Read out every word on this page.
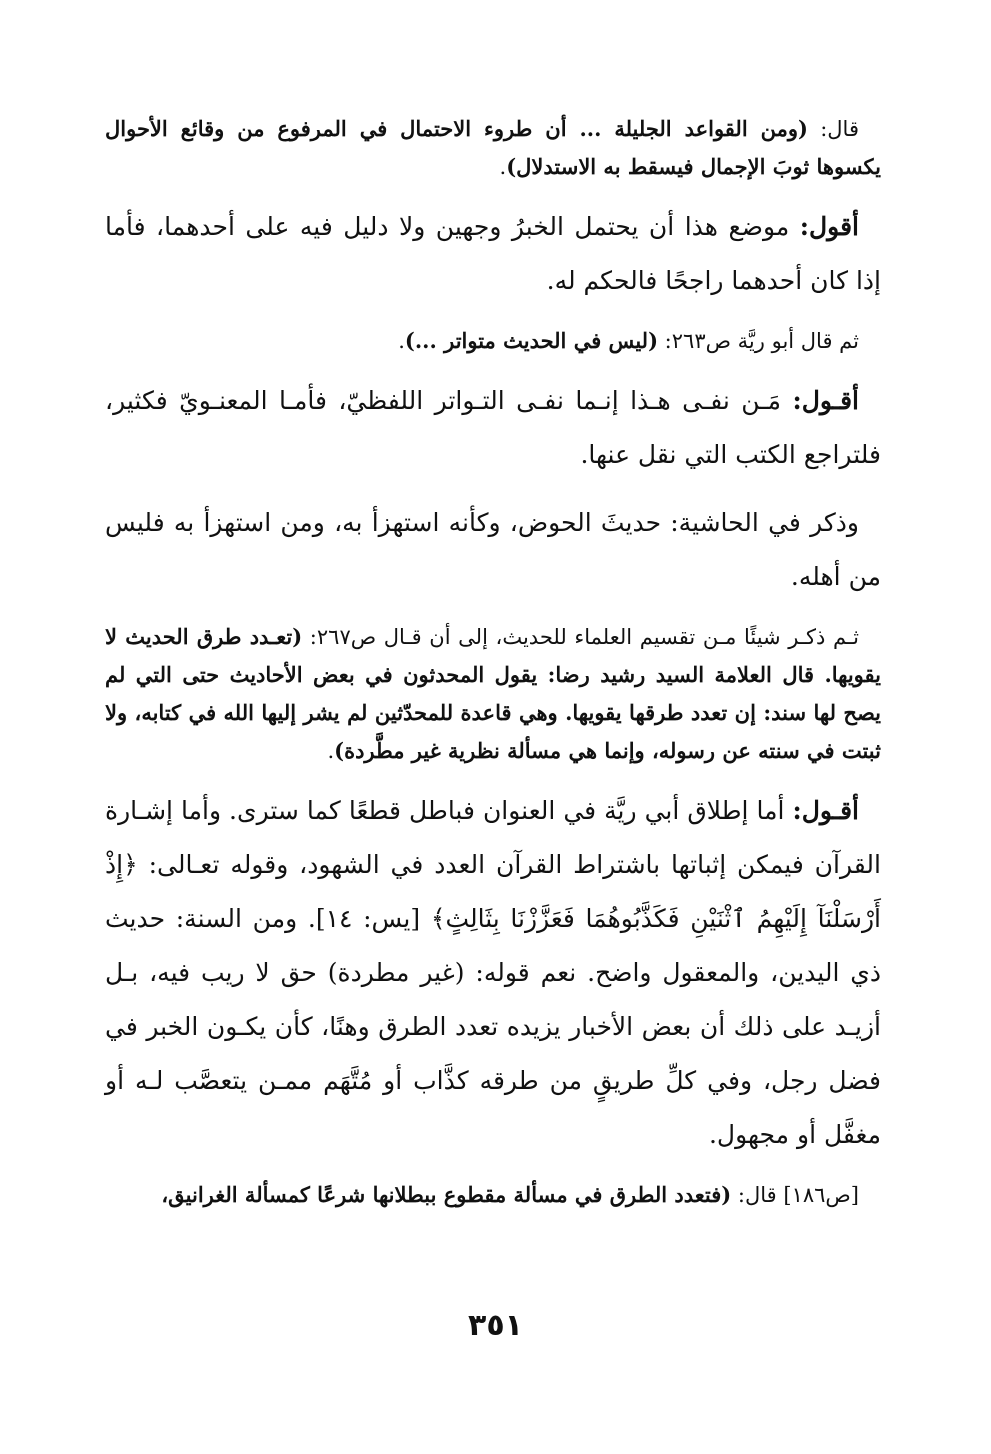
قال: (ومن القواعد الجليلة ... أن طروء الاحتمال في المرفوع من وقائع الأحوال يكسوها ثوبَ الإجمال فيسقط به الاستدلال).

أقول: موضع هذا أن يحتمل الخبرُ وجهين ولا دليل فيه على أحدهما، فأما إذا كان أحدهما راجحًا فالحكم له.

ثم قال أبو ريَّة ص٢٦٣: (ليس في الحديث متواتر ...).

أقـول: مَـن نفـى هـذا إنـما نفـى التـواتر اللفظيّ، فأمـا المعنـويّ فكثير، فلتراجع الكتب التي نقل عنها.

وذكر في الحاشية: حديثَ الحوض، وكأنه استهزأ به، ومن استهزأ به فليس من أهله.

ثـم ذكـر شيئًا مـن تقسيم العلماء للحديث، إلى أن قـال ص٢٦٧: (تعـدد طرق الحديث لا يقويها. قال العلامة السيد رشيد رضا: يقول المحدثون في بعض الأحاديث حتى التي لم يصح لها سند: إن تعدد طرقها يقويها. وهي قاعدة للمحدّثين لم يشر إليها الله في كتابه، ولا ثبتت في سنته عن رسوله، وإنما هي مسألة نظرية غير مطَّردة).

أقـول: أما إطلاق أبي ريَّة في العنوان فباطل قطعًا كما سترى. وأما إشـارة القرآن فيمكن إثباتها باشتراط القرآن العدد في الشهود، وقوله تعـالى: ﴿إِذْ أَرْسَلْنَآ إِلَيْهِمُ ٱثْنَيْنِ فَكَذَّبُوهُمَا فَعَزَّزْنَا بِثَالِثٍ﴾ [يس: ١٤]. ومن السنة: حديث ذي اليدين، والمعقول واضح. نعم قوله: (غير مطردة) حق لا ريب فيه، بـل أزيـد على ذلك أن بعض الأخبار يزيده تعدد الطرق وهنًا، كأن يكـون الخبر في فضل رجل، وفي كلِّ طريقٍ من طرقه كذَّاب أو مُتَّهَم ممـن يتعصَّب لـه أو مغفَّل أو مجهول.

[ص١٨٦] قال: (فتعدد الطرق في مسألة مقطوع ببطلانها شرعًا كمسألة الغرانيق،

٣٥١
